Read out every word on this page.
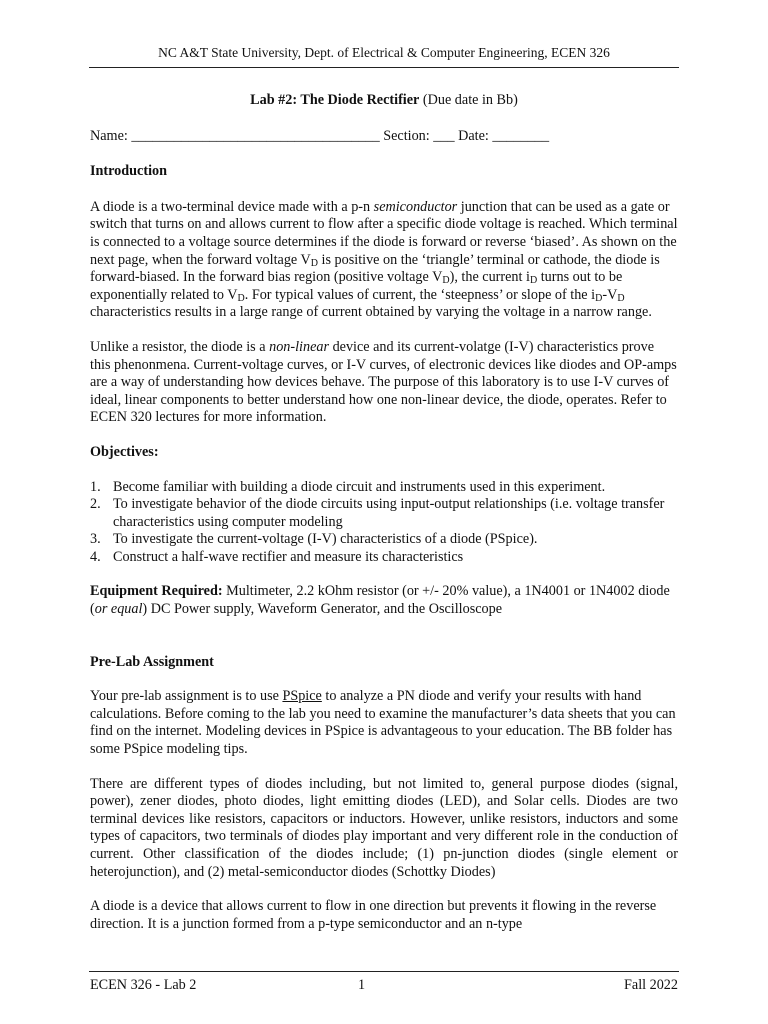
NC A&T State University, Dept. of Electrical & Computer Engineering, ECEN 326

Lab #2: The Diode Rectifier (Due date in Bb)

Name: ___________________________________ Section: ___ Date: ________

Introduction

A diode is a two-terminal device made with a p-n semiconductor junction that can be used as a gate or switch that turns on and allows current to flow after a specific diode voltage is reached. Which terminal is connected to a voltage source determines if the diode is forward or reverse ‘biased’. As shown on the next page, when the forward voltage $V_D$ is positive on the ‘triangle’ terminal or cathode, the diode is forward-biased. In the forward bias region (positive voltage $V_D$), the current $i_D$ turns out to be exponentially related to $V_D$. For typical values of current, the ‘steepness’ or slope of the $i_D-V_D$ characteristics results in a large range of current obtained by varying the voltage in a narrow range.

Unlike a resistor, the diode is a non-linear device and its current-volatge (I-V) characteristics prove this phenonmena. Current-voltage curves, or I-V curves, of electronic devices like diodes and OP-amps are a way of understanding how devices behave. The purpose of this laboratory is to use I-V curves of ideal, linear components to better understand how one non-linear device, the diode, operates. Refer to ECEN 320 lectures for more information.

Objectives:

1. Become familiar with building a diode circuit and instruments used in this experiment.
2. To investigate behavior of the diode circuits using input-output relationships (i.e. voltage transfer characteristics using computer modeling
3. To investigate the current-voltage (I-V) characteristics of a diode (PSpice).
4. Construct a half-wave rectifier and measure its characteristics

Equipment Required: Multimeter, 2.2 kOhm resistor (or +/- 20% value), a 1N4001 or 1N4002 diode (or equal) DC Power supply, Waveform Generator, and the Oscilloscope

Pre-Lab Assignment

Your pre-lab assignment is to use PSpice to analyze a PN diode and verify your results with hand calculations. Before coming to the lab you need to examine the manufacturer’s data sheets that you can find on the internet. Modeling devices in PSpice is advantageous to your education. The BB folder has some PSpice modeling tips.

There are different types of diodes including, but not limited to, general purpose diodes (signal, power), zener diodes, photo diodes, light emitting diodes (LED), and Solar cells. Diodes are two terminal devices like resistors, capacitors or inductors. However, unlike resistors, inductors and some types of capacitors, two terminals of diodes play important and very different role in the conduction of current. Other classification of the diodes include; (1) pn-junction diodes (single element or heterojunction), and (2) metal-semiconductor diodes (Schottky Diodes)

A diode is a device that allows current to flow in one direction but prevents it flowing in the reverse direction. It is a junction formed from a p-type semiconductor and an n-type

ECEN 326 - Lab 2	1	Fall 2022
